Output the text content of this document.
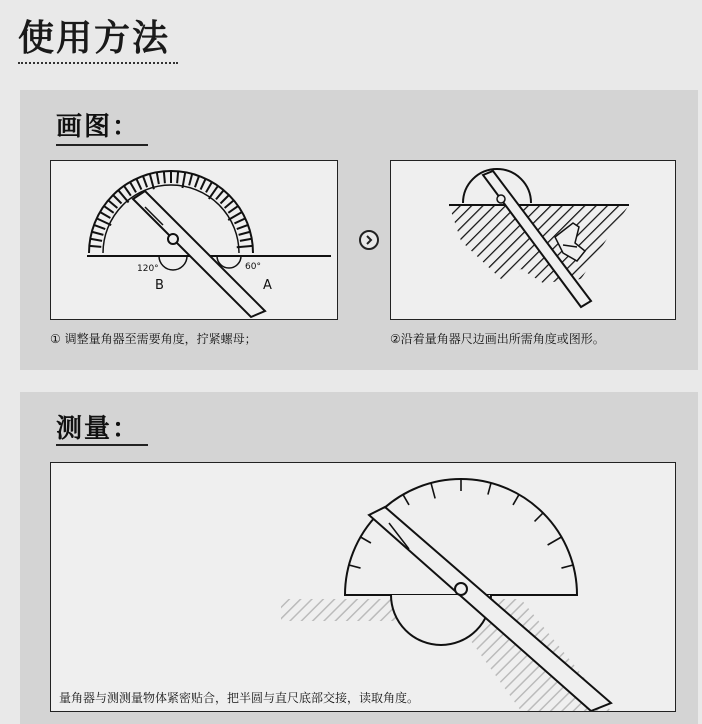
使用方法
画图：
120°	60°
B	A
① 调整量角器至需要角度，拧紧螺母；	②沿着量角器尺边画出所需角度或图形。
测量：
量角器与测测量物体紧密贴合，把半圆与直尺底部交接，读取角度。
